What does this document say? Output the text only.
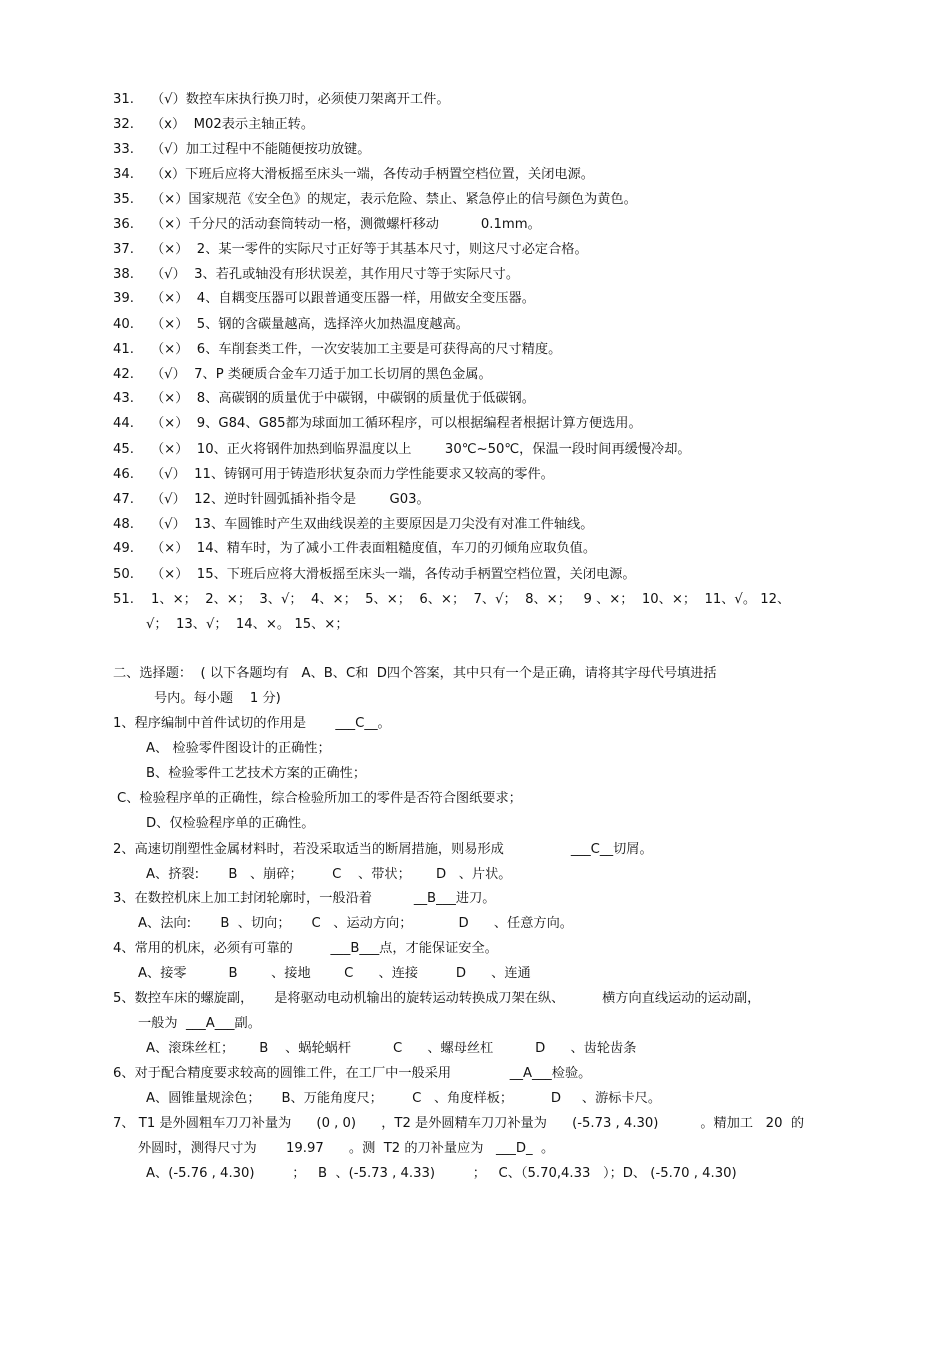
31. （√）数控车床执行换刀时，必须使刀架离开工件。
32. （x）  M02表示主轴正转。
33. （√）加工过程中不能随便按功放键。
34. （x）下班后应将大滑板摇至床头一端，各传动手柄置空档位置，关闭电源。
35. （×）国家规范《安全色》的规定，表示危险、禁止、紧急停止的信号颜色为黄色。
36. （×）千分尺的活动套筒转动一格，测微螺杆移动          0.1mm。
37. （×）  2、某一零件的实际尺寸正好等于其基本尺寸，则这尺寸必定合格。
38. （√）  3、若孔或轴没有形状误差，其作用尺寸等于实际尺寸。
39. （×）  4、自耦变压器可以跟普通变压器一样，用做安全变压器。
40. （×）  5、钢的含碳量越高，选择淬火加热温度越高。
41. （×）  6、车削套类工件，一次安装加工主要是可获得高的尺寸精度。
42. （√）  7、P 类硬质合金车刀适于加工长切屑的黑色金属。
43. （×）  8、高碳钢的质量优于中碳钢，中碳钢的质量优于低碳钢。
44. （×）  9、G84、G85都为球面加工循环程序，可以根据编程者根据计算方便选用。
45. （×）  10、正火将钢件加热到临界温度以上        30℃~50℃，保温一段时间再缓慢冷却。
46. （√）  11、铸钢可用于铸造形状复杂而力学性能要求又较高的零件。
47. （√）  12、逆时针圆弧插补指令是        G03。
48. （√）  13、车圆锥时产生双曲线误差的主要原因是刀尖没有对准工件轴线。
49. （×）  14、精车时，为了减小工件表面粗糙度值，车刀的刃倾角应取负值。
50. （×）  15、下班后应将大滑板摇至床头一端，各传动手柄置空档位置，关闭电源。
51. 1、×；  2、×；  3、√；  4、×；  5、×；  6、×；  7、√；  8、×；   9 、×；  10、×；  11、√。 12、
√；  13、√；  14、×。 15、×；
二、选择题：  ( 以下各题均有   A、B、C和  D四个答案，其中只有一个是正确，请将其字母代号填进括
号内。每小题    1 分)
1、程序编制中首件试切的作用是       ___C__。
A、 检验零件图设计的正确性；
B、检验零件工艺技术方案的正确性；
C、检验程序单的正确性，综合检验所加工的零件是否符合图纸要求；
D、仅检验程序单的正确性。
2、高速切削塑性金属材料时，若没采取适当的断屑措施，则易形成                ___C__切屑。
A、挤裂:       B   、崩碎；       C    、带状；      D   、片状。
3、在数控机床上加工封闭轮廓时，一般沿着          __B___进刀。
A、法向:       B  、切向；     C   、运动方向；           D      、任意方向。
4、常用的机床，必须有可靠的         ___B___点，才能保证安全。
A、接零          B        、接地        C      、连接         D      、连通
5、数控车床的螺旋副，     是将驱动电动机输出的旋转运动转换成刀架在纵、         横方向直线运动的运动副，
一般为  ___A___副。
A、滚珠丝杠；      B    、蜗轮蜗杆          C      、螺母丝杠          D      、齿轮齿条
6、对于配合精度要求较高的圆锥工件，在工厂中一般采用              __A___检验。
A、圆锥量规涂色；     B、万能角度尺；       C   、角度样板；         D     、游标卡尺。
7、 T1 是外圆粗车刀刀补量为      (0 , 0)      ，T2 是外圆精车刀刀补量为      (-5.73 , 4.30)          。精加工   20  的
外圆时，测得尺寸为       19.97      。测  T2 的刀补量应为   ___D_  。
A、(-5.76 , 4.30)         ；   B  、(-5.73 , 4.33)         ；   C、（5.70,4.33   ）；D、 (-5.70 , 4.30)
